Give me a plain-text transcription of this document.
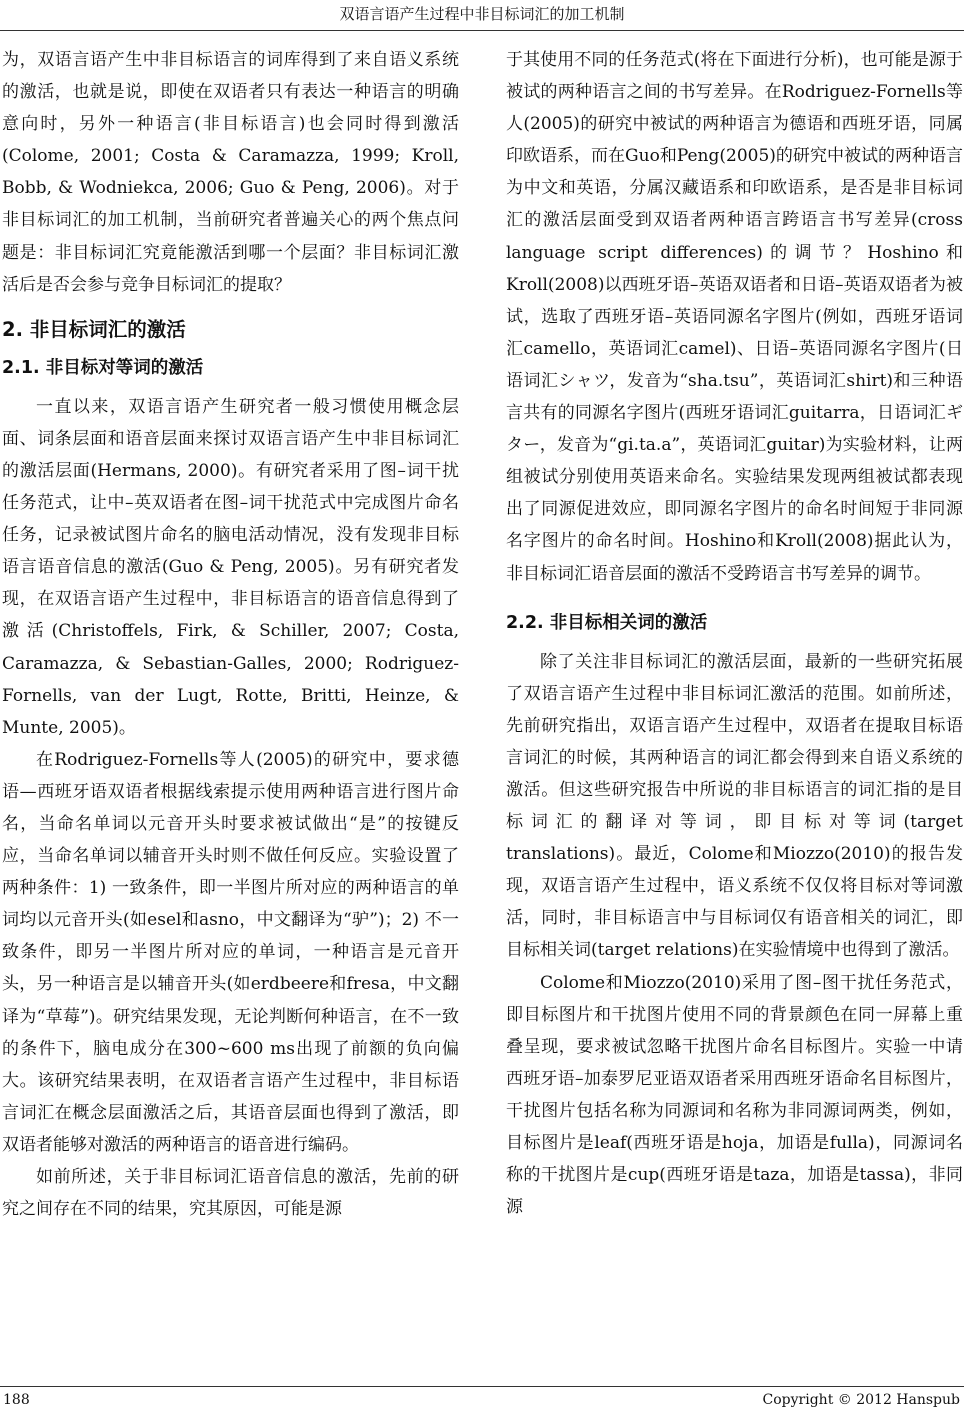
双语言语产生过程中非目标词汇的加工机制

为，双语言语产生中非目标语言的词库得到了来自语义系统的激活，也就是说，即使在双语者只有表达一种语言的明确意向时，另外一种语言(非目标语言)也会同时得到激活(Colome, 2001; Costa & Caramazza, 1999; Kroll, Bobb, & Wodniekca, 2006; Guo & Peng, 2006)。对于非目标词汇的加工机制，当前研究者普遍关心的两个焦点问题是：非目标词汇究竟能激活到哪一个层面？非目标词汇激活后是否会参与竞争目标词汇的提取？

2. 非目标词汇的激活
2.1. 非目标对等词的激活

一直以来，双语言语产生研究者一般习惯使用概念层面、词条层面和语音层面来探讨双语言语产生中非目标词汇的激活层面(Hermans, 2000)。有研究者采用了图–词干扰任务范式，让中–英双语者在图–词干扰范式中完成图片命名任务，记录被试图片命名的脑电活动情况，没有发现非目标语言语音信息的激活(Guo & Peng, 2005)。另有研究者发现，在双语言语产生过程中，非目标语言的语音信息得到了激活(Christoffels, Firk, & Schiller, 2007; Costa, Caramazza, & Sebastian-Galles, 2000; Rodriguez-Fornells, van der Lugt, Rotte, Britti, Heinze, & Munte, 2005)。

在Rodriguez-Fornells等人(2005)的研究中，要求德语—西班牙语双语者根据线索提示使用两种语言进行图片命名，当命名单词以元音开头时要求被试做出“是”的按键反应，当命名单词以辅音开头时则不做任何反应。实验设置了两种条件：1) 一致条件，即一半图片所对应的两种语言的单词均以元音开头(如esel和asno，中文翻译为“驴”)；2) 不一致条件，即另一半图片所对应的单词，一种语言是元音开头，另一种语言是以辅音开头(如erdbeere和fresa，中文翻译为“草莓”)。研究结果发现，无论判断何种语言，在不一致的条件下，脑电成分在300~600 ms出现了前额的负向偏大。该研究结果表明，在双语者言语产生过程中，非目标语言词汇在概念层面激活之后，其语音层面也得到了激活，即双语者能够对激活的两种语言的语音进行编码。

如前所述，关于非目标词汇语音信息的激活，先前的研究之间存在不同的结果，究其原因，可能是源

于其使用不同的任务范式(将在下面进行分析)，也可能是源于被试的两种语言之间的书写差异。在Rodriguez-Fornells等人(2005)的研究中被试的两种语言为德语和西班牙语，同属印欧语系，而在Guo和Peng(2005)的研究中被试的两种语言为中文和英语，分属汉藏语系和印欧语系，是否是非目标词汇的激活层面受到双语者两种语言跨语言书写差异(cross language script differences)的调节？Hoshino和Kroll(2008)以西班牙语–英语双语者和日语–英语双语者为被试，选取了西班牙语–英语同源名字图片(例如，西班牙语词汇camello，英语词汇camel)、日语–英语同源名字图片(日语词汇シャツ，发音为“sha.tsu”，英语词汇shirt)和三种语言共有的同源名字图片(西班牙语词汇guitarra，日语词汇ギター，发音为“gi.ta.a”，英语词汇guitar)为实验材料，让两组被试分别使用英语来命名。实验结果发现两组被试都表现出了同源促进效应，即同源名字图片的命名时间短于非同源名字图片的命名时间。Hoshino和Kroll(2008)据此认为，非目标词汇语音层面的激活不受跨语言书写差异的调节。

2.2. 非目标相关词的激活

除了关注非目标词汇的激活层面，最新的一些研究拓展了双语言语产生过程中非目标词汇激活的范围。如前所述，先前研究指出，双语言语产生过程中，双语者在提取目标语言词汇的时候，其两种语言的词汇都会得到来自语义系统的激活。但这些研究报告中所说的非目标语言的词汇指的是目标词汇的翻译对等词，即目标对等词(target translations)。最近，Colome和Miozzo(2010)的报告发现，双语言语产生过程中，语义系统不仅仅将目标对等词激活，同时，非目标语言中与目标词仅有语音相关的词汇，即目标相关词(target relations)在实验情境中也得到了激活。

Colome和Miozzo(2010)采用了图–图干扰任务范式，即目标图片和干扰图片使用不同的背景颜色在同一屏幕上重叠呈现，要求被试忽略干扰图片命名目标图片。实验一中请西班牙语–加泰罗尼亚语双语者采用西班牙语命名目标图片，干扰图片包括名称为同源词和名称为非同源词两类，例如，目标图片是leaf(西班牙语是hoja，加语是fulla)，同源词名称的干扰图片是cup(西班牙语是taza，加语是tassa)，非同源

188	Copyright © 2012 Hanspub
